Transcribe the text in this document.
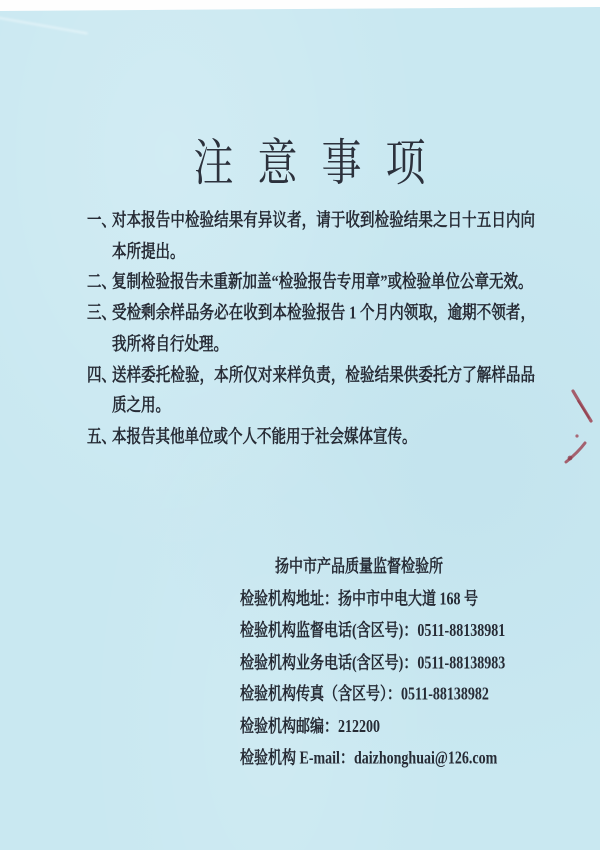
注 意 事 项
一、
对本报告中检验结果有异议者，请于收到检验结果之日十五日内向本所提出。
二、
复制检验报告未重新加盖“检验报告专用章”或检验单位公章无效。
三、
受检剩余样品务必在收到本检验报告 1 个月内领取，逾期不领者，我所将自行处理。
四、
送样委托检验，本所仅对来样负责，检验结果供委托方了解样品品质之用。
五、
本报告其他单位或个人不能用于社会媒体宣传。
扬中市产品质量监督检验所
检验机构地址：扬中市中电大道 168 号
检验机构监督电话(含区号)：0511-88138981
检验机构业务电话(含区号)：0511-88138983
检验机构传真（含区号）：0511-88138982
检验机构邮编：212200
检验机构 E-mail：daizhonghuai@126.com
